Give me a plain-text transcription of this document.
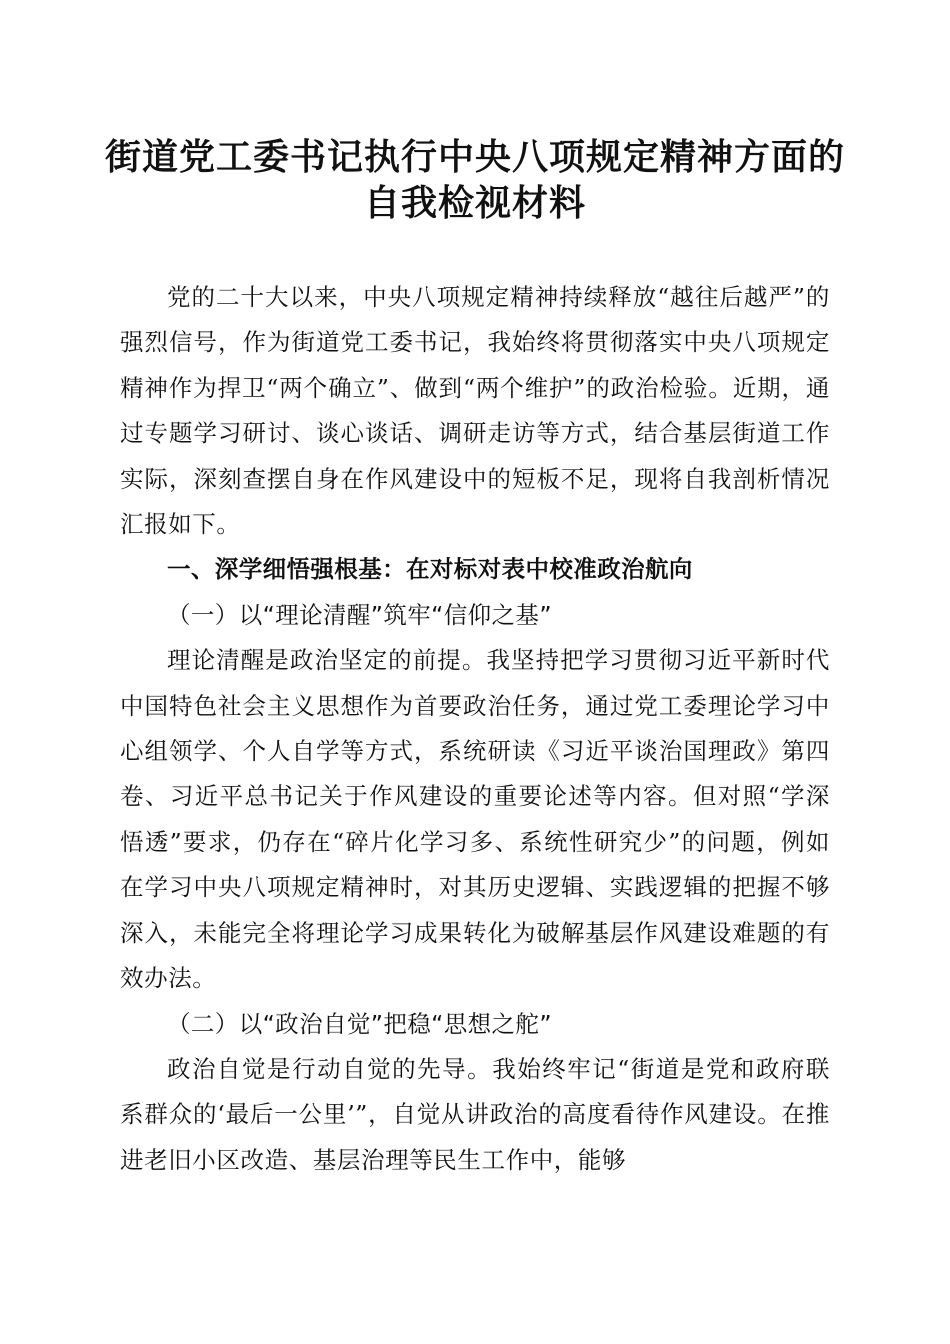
街道党工委书记执行中央八项规定精神方面的
自我检视材料

党的二十大以来，中央八项规定精神持续释放“越往后越严”的强烈信号，作为街道党工委书记，我始终将贯彻落实中央八项规定精神作为捍卫“两个确立”、做到“两个维护”的政治检验。近期，通过专题学习研讨、谈心谈话、调研走访等方式，结合基层街道工作实际，深刻查摆自身在作风建设中的短板不足，现将自我剖析情况汇报如下。

一、深学细悟强根基：在对标对表中校准政治航向

（一）以“理论清醒”筑牢“信仰之基”

理论清醒是政治坚定的前提。我坚持把学习贯彻习近平新时代中国特色社会主义思想作为首要政治任务，通过党工委理论学习中心组领学、个人自学等方式，系统研读《习近平谈治国理政》第四卷、习近平总书记关于作风建设的重要论述等内容。但对照“学深悟透”要求，仍存在“碎片化学习多、系统性研究少”的问题，例如在学习中央八项规定精神时，对其历史逻辑、实践逻辑的把握不够深入，未能完全将理论学习成果转化为破解基层作风建设难题的有效办法。

（二）以“政治自觉”把稳“思想之舵”

政治自觉是行动自觉的先导。我始终牢记“街道是党和政府联系群众的‘最后一公里’”，自觉从讲政治的高度看待作风建设。在推进老旧小区改造、基层治理等民生工作中，能够
